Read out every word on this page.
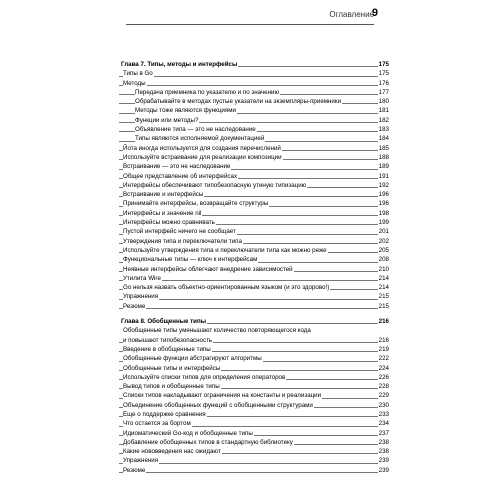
Оглавление
9
Глава 7. Типы, методы и интерфейсы	175
Типы в Go	175
Методы	176
Передача приемника по указателю и по значению	177
Обрабатывайте в методах пустые указатели на экземпляры-приемники	180
Методы тоже являются функциями	181
Функции или методы?	182
Объявление типа — это не наследование	183
Типы являются исполняемой документацией	184
Йота иногда используется для создания перечислений	185
Используйте встраивание для реализации композиции	188
Встраивание — это не наследование	189
Общее представление об интерфейсах	191
Интерфейсы обеспечивают типобезопасную утиную типизацию	192
Встраивание и интерфейсы	196
Принимайте интерфейсы, возвращайте структуры	196
Интерфейсы и значение nil	198
Интерфейсы можно сравнивать	199
Пустой интерфейс ничего не сообщает	201
Утверждения типа и переключатели типа	202
Используйте утверждения типа и переключатели типа как можно реже	205
Функциональные типы — ключ к интерфейсам	208
Неявные интерфейсы облегчают внедрение зависимостей	210
Утилита Wire	214
Go нельзя назвать объектно-ориентированным языком (и это здорово!)	214
Упражнения	215
Резюме	215
Глава 8. Обобщенные типы	216
Обобщенные типы уменьшают количество повторяющегося кода
и повышают типобезопасность	216
Введение в обобщенные типы	219
Обобщенные функции абстрагируют алгоритмы	222
Обобщенные типы и интерфейсы	224
Используйте списки типов для определения операторов	226
Вывод типов и обобщенные типы	228
Списки типов накладывают ограничения на константы и реализации	229
Объединение обобщенных функций с обобщенными структурами	230
Еще о поддержке сравнения	233
Что остается за бортом	234
Идиоматический Go-код и обобщенные типы	237
Добавление обобщенных типов в стандартную библиотеку	238
Какие нововведения нас ожидают	238
Упражнения	239
Резюме	239
